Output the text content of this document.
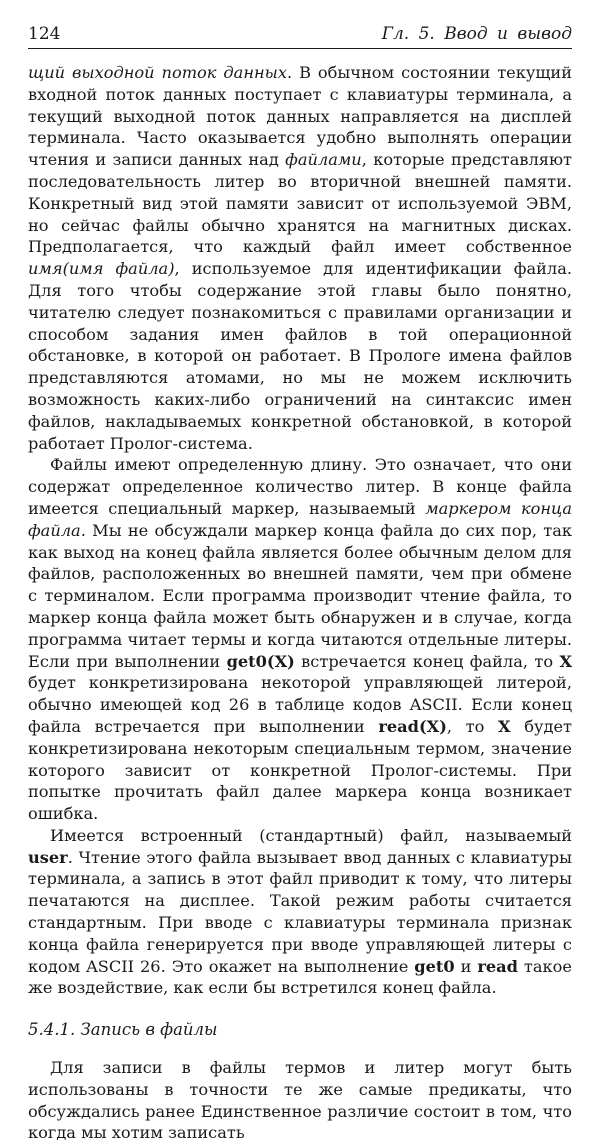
124	Гл. 5. Ввод и вывод

щий выходной поток данных. В обычном состоянии текущий входной поток данных поступает с клавиатуры терминала, а текущий выходной поток данных направляется на дисплей терминала. Часто оказывается удобно выполнять операции чтения и записи данных над файлами, которые представляют последовательность литер во вторичной внешней памяти. Конкретный вид этой памяти зависит от используемой ЭВМ, но сейчас файлы обычно хранятся на магнитных дисках. Предполагается, что каждый файл имеет собственное имя(имя файла), используемое для идентификации файла. Для того чтобы содержание этой главы было понятно, читателю следует познакомиться с правилами организации и способом задания имен файлов в той операционной обстановке, в которой он работает. В Прологе имена файлов представляются атомами, но мы не можем исключить возможность каких-либо ограничений на синтаксис имен файлов, накладываемых конкретной обстановкой, в которой работает Пролог-система.

Файлы имеют определенную длину. Это означает, что они содержат определенное количество литер. В конце файла имеется специальный маркер, называемый маркером конца файла. Мы не обсуждали маркер конца файла до сих пор, так как выход на конец файла является более обычным делом для файлов, расположенных во внешней памяти, чем при обмене с терминалом. Если программа производит чтение файла, то маркер конца файла может быть обнаружен и в случае, когда программа читает термы и когда читаются отдельные литеры. Если при выполнении get0(X) встречается конец файла, то X будет конкретизирована некоторой управляющей литерой, обычно имеющей код 26 в таблице кодов ASCII. Если конец файла встречается при выполнении read(X), то X будет конкретизирована некоторым специальным термом, значение которого зависит от конкретной Пролог-системы. При попытке прочитать файл далее маркера конца возникает ошибка.

Имеется встроенный (стандартный) файл, называемый user. Чтение этого файла вызывает ввод данных с клавиатуры терминала, а запись в этот файл приводит к тому, что литеры печатаются на дисплее. Такой режим работы считается стандартным. При вводе с клавиатуры терминала признак конца файла генерируется при вводе управляющей литеры с кодом ASCII 26. Это окажет на выполнение get0 и read такое же воздействие, как если бы встретился конец файла.

5.4.1. Запись в файлы

Для записи в файлы термов и литер могут быть использованы в точности те же самые предикаты, что обсуждались ранее Единственное различие состоит в том, что когда мы хотим записать
